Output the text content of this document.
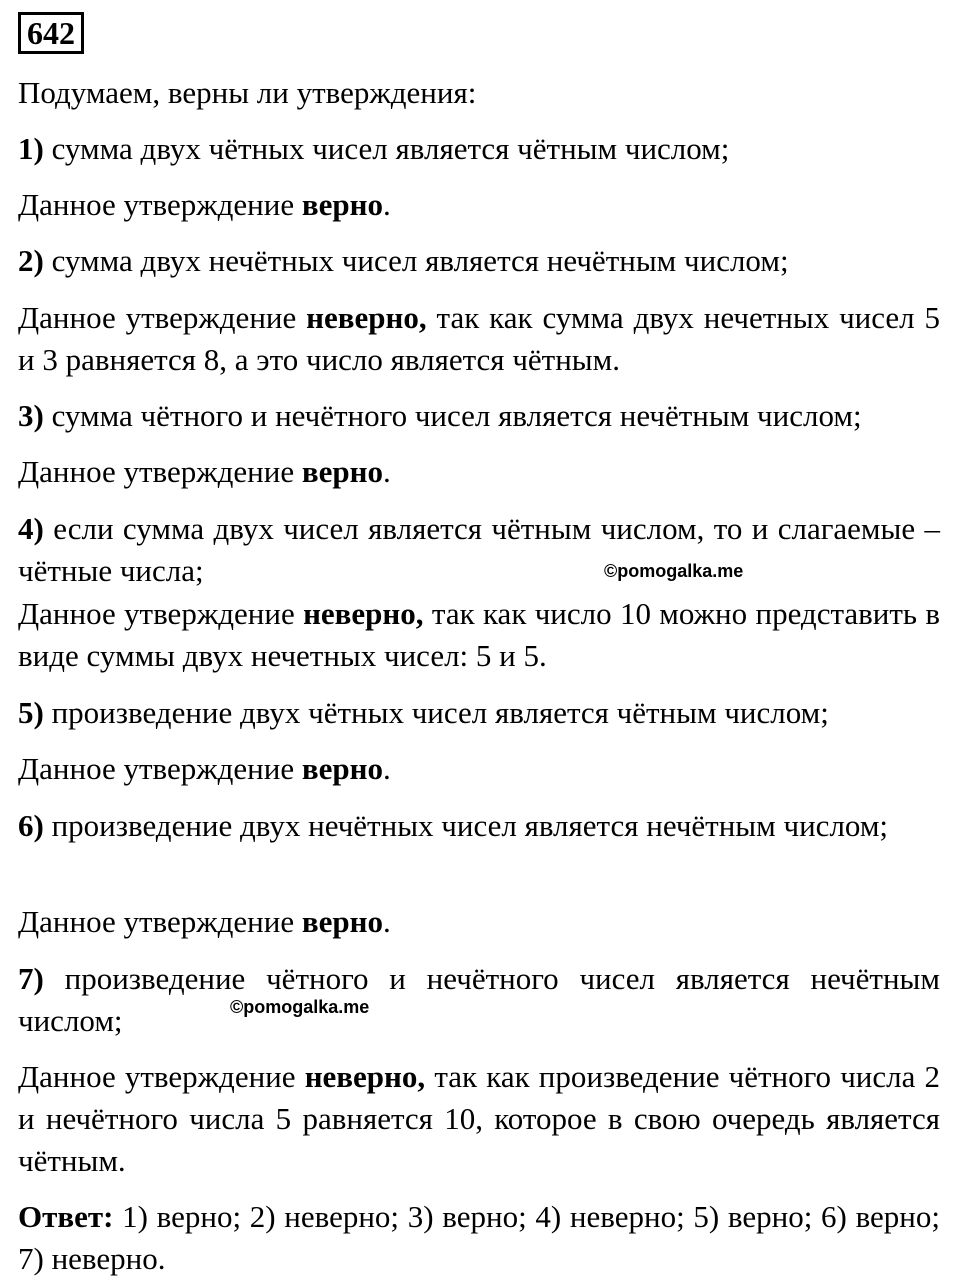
642

Подумаем, верны ли утверждения:

1) сумма двух чётных чисел является чётным числом;

Данное утверждение верно.

2) сумма двух нечётных чисел является нечётным числом;

Данное утверждение неверно, так как сумма двух нечетных чисел 5 и 3 равняется 8, а это число является чётным.

3) сумма чётного и нечётного чисел является нечётным числом;

Данное утверждение верно.

4) если сумма двух чисел является чётным числом, то и слагаемые – чётные числа;	©pomogalka.me

Данное утверждение неверно, так как число 10 можно представить в виде суммы двух нечетных чисел: 5 и 5.

5) произведение двух чётных чисел является чётным числом;

Данное утверждение верно.

6) произведение двух нечётных чисел является нечётным числом;

Данное утверждение верно.

7) произведение чётного и нечётного чисел является нечётным числом;	©pomogalka.me

Данное утверждение неверно, так как произведение чётного числа 2 и нечётного числа 5 равняется 10, которое в свою очередь является чётным.

Ответ: 1) верно; 2) неверно; 3) верно; 4) неверно; 5) верно; 6) верно; 7) неверно.
